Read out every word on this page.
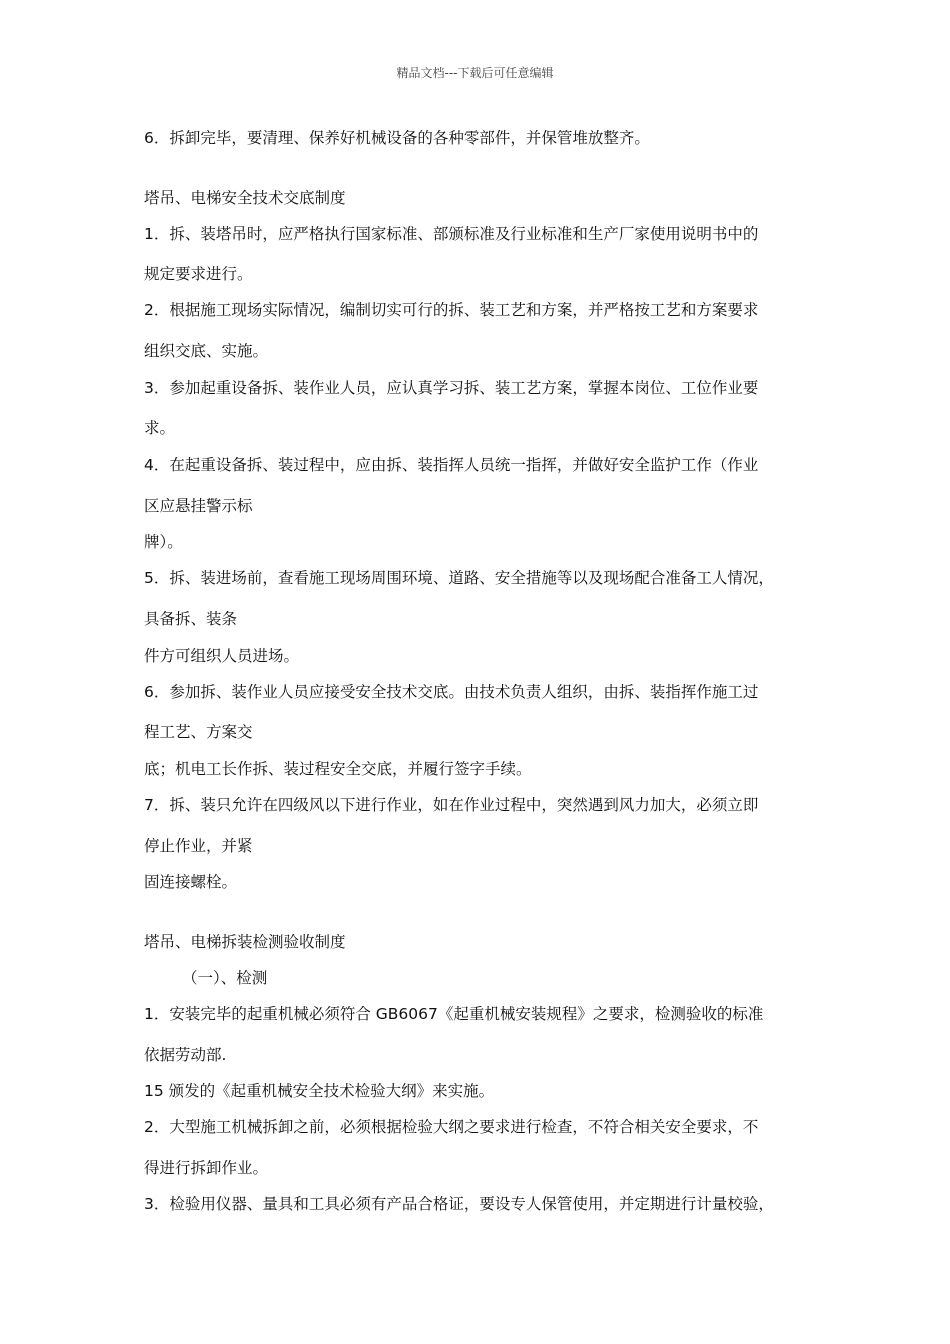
精品文档---下载后可任意编辑
6．拆卸完毕，要清理、保养好机械设备的各种零部件，并保管堆放整齐。
塔吊、电梯安全技术交底制度
1．拆、装塔吊时，应严格执行国家标准、部颁标准及行业标准和生产厂家使用说明书中的
规定要求进行。
2．根据施工现场实际情况，编制切实可行的拆、装工艺和方案，并严格按工艺和方案要求
组织交底、实施。
3．参加起重设备拆、装作业人员，应认真学习拆、装工艺方案，掌握本岗位、工位作业要
求。
4．在起重设备拆、装过程中，应由拆、装指挥人员统一指挥，并做好安全监护工作（作业
区应悬挂警示标
牌）。
5．拆、装进场前，查看施工现场周围环境、道路、安全措施等以及现场配合准备工人情况，
具备拆、装条
件方可组织人员进场。
6．参加拆、装作业人员应接受安全技术交底。由技术负责人组织，由拆、装指挥作施工过
程工艺、方案交
底；机电工长作拆、装过程安全交底，并履行签字手续。
7．拆、装只允许在四级风以下进行作业，如在作业过程中，突然遇到风力加大，必须立即
停止作业，并紧
固连接螺栓。
塔吊、电梯拆装检测验收制度
（一）、检测
1．安装完毕的起重机械必须符合 GB6067《起重机械安装规程》之要求，检测验收的标准
依据劳动部.
15 颁发的《起重机械安全技术检验大纲》来实施。
2．大型施工机械拆卸之前，必须根据检验大纲之要求进行检查，不符合相关安全要求，不
得进行拆卸作业。
3．检验用仪器、量具和工具必须有产品合格证，要设专人保管使用，并定期进行计量校验，
